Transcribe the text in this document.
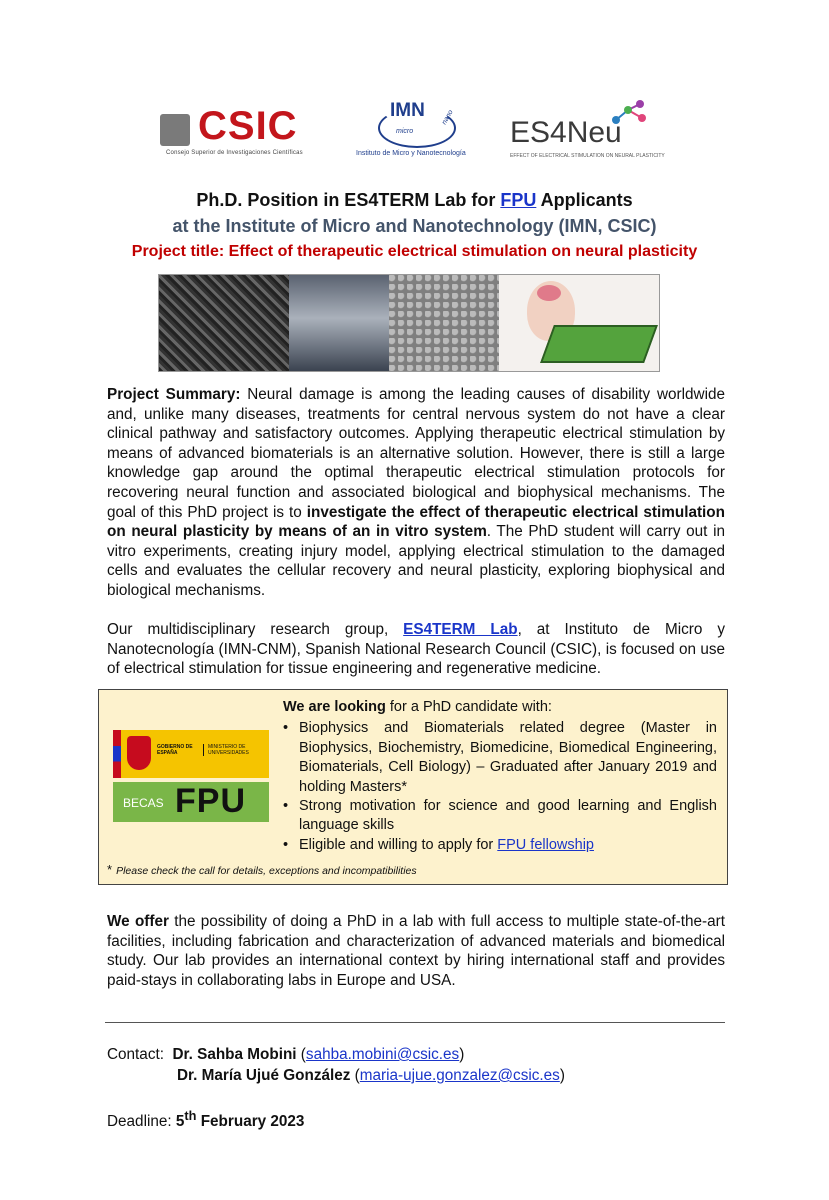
CSIC
Consejo Superior de Investigaciones Científicas
IMN
micro
nano
Instituto de Micro y Nanotecnología
ES4Neu
EFFECT OF ELECTRICAL STIMULATION ON NEURAL PLASTICITY
Ph.D. Position in ES4TERM Lab for FPU Applicants
at the Institute of Micro and Nanotechnology (IMN, CSIC)
Project title: Effect of therapeutic electrical stimulation on neural plasticity
Project Summary: Neural damage is among the leading causes of disability worldwide and, unlike many diseases, treatments for central nervous system do not have a clear clinical pathway and satisfactory outcomes. Applying therapeutic electrical stimulation by means of advanced biomaterials is an alternative solution. However, there is still a large knowledge gap around the optimal therapeutic electrical stimulation protocols for recovering neural function and associated biological and biophysical mechanisms. The goal of this PhD project is to investigate the effect of therapeutic electrical stimulation on neural plasticity by means of an in vitro system. The PhD student will carry out in vitro experiments, creating injury model, applying electrical stimulation to the damaged cells and evaluates the cellular recovery and neural plasticity, exploring biophysical and biological mechanisms.
Our multidisciplinary research group, ES4TERM Lab, at Instituto de Micro y Nanotecnología (IMN-CNM), Spanish National Research Council (CSIC), is focused on use of electrical stimulation for tissue engineering and regenerative medicine.
GOBIERNO DE ESPAÑA
MINISTERIO DE UNIVERSIDADES
BECAS FPU
We are looking for a PhD candidate with:
• Biophysics and Biomaterials related degree (Master in Biophysics, Biochemistry, Biomedicine, Biomedical Engineering, Biomaterials, Cell Biology) – Graduated after January 2019 and holding Masters*
• Strong motivation for science and good learning and English language skills
• Eligible and willing to apply for FPU fellowship
* Please check the call for details, exceptions and incompatibilities
We offer the possibility of doing a PhD in a lab with full access to multiple state-of-the-art facilities, including fabrication and characterization of advanced materials and biomedical study. Our lab provides an international context by hiring international staff and provides paid-stays in collaborating labs in Europe and USA.
Contact: Dr. Sahba Mobini (sahba.mobini@csic.es)
Dr. María Ujué González (maria-ujue.gonzalez@csic.es)
Deadline: 5th February 2023
